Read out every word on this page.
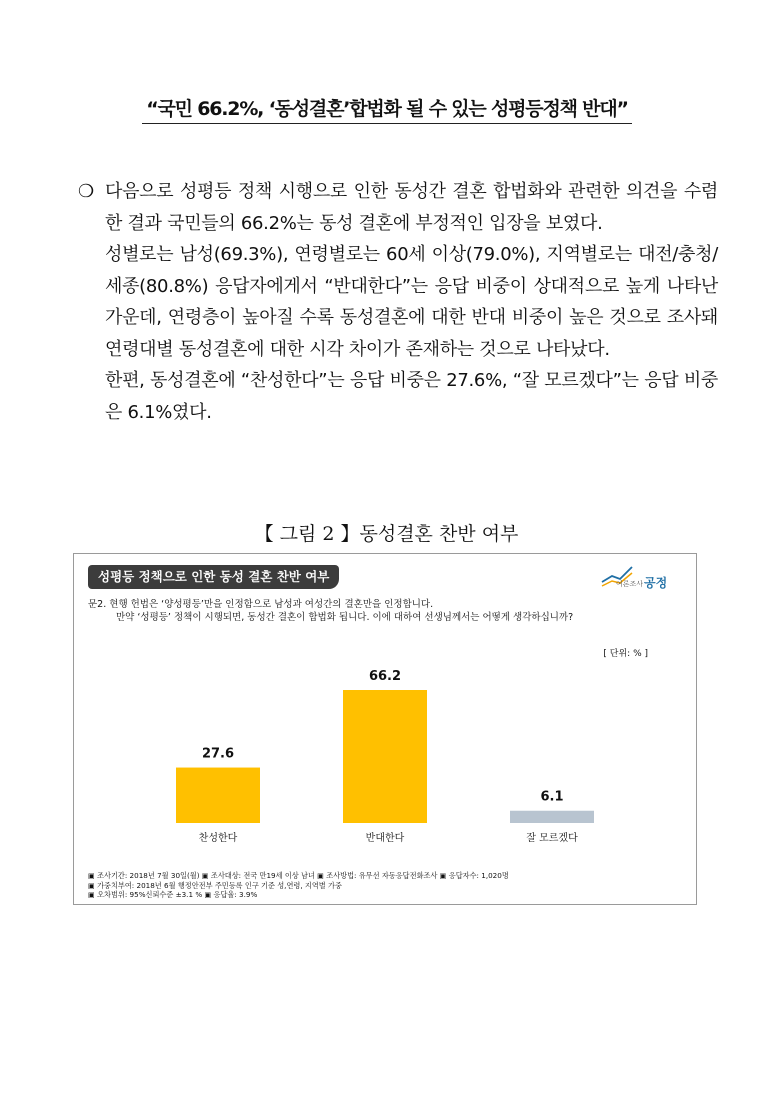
“국민 66.2%, ‘동성결혼’합법화 될 수 있는 성평등정책 반대”
❍ 다음으로 성평등 정책 시행으로 인한 동성간 결혼 합법화와 관련한 의견을 수렴한 결과 국민들의 66.2%는 동성 결혼에 부정적인 입장을 보였다.
성별로는 남성(69.3%), 연령별로는 60세 이상(79.0%), 지역별로는 대전/충청/세종(80.8%) 응답자에게서 “반대한다”는 응답 비중이 상대적으로 높게 나타난 가운데, 연령층이 높아질 수록 동성결혼에 대한 반대 비중이 높은 것으로 조사돼 연령대별 동성결혼에 대한 시각 차이가 존재하는 것으로 나타났다.
한편, 동성결혼에 “찬성한다”는 응답 비중은 27.6%, “잘 모르겠다”는 응답 비중은 6.1%였다.
【 그림 2 】동성결혼 찬반 여부
성평등 정책으로 인한 동성 결혼 찬반 여부	여론조사 공정
문2. 현행 헌법은 ‘양성평등’만을 인정함으로 남성과 여성간의 결혼만을 인정합니다.
만약 ‘성평등’ 정책이 시행되면, 동성간 결혼이 합법화 됩니다. 이에 대하여 선생님께서는 어떻게 생각하십니까?
[ 단위: % ]
27.6
찬성한다
66.2
반대한다
6.1
잘 모르겠다
▣ 조사기간: 2018년 7월 30일(월) ▣ 조사대상: 전국 만19세 이상 남녀 ▣ 조사방법: 유무선 자동응답전화조사 ▣ 응답자수: 1,020명
▣ 가중치부여: 2018년 6월 행정안전부 주민등록 인구 기준 성,연령, 지역별 가중
▣ 오차범위: 95%신뢰수준 ±3.1 % ▣ 응답율: 3.9%
